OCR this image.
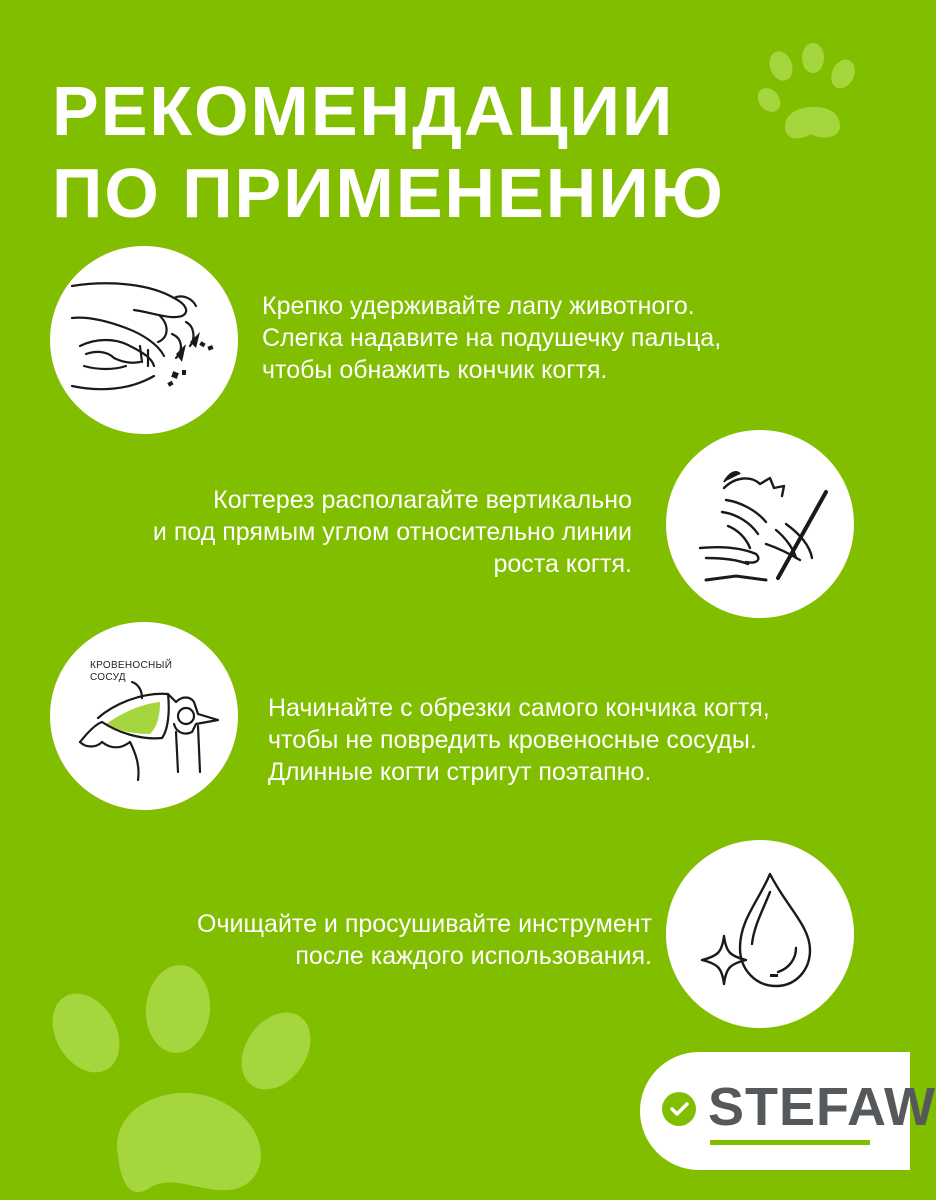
РЕКОМЕНДАЦИИ
ПО ПРИМЕНЕНИЮ

Крепко удерживайте лапу животного.
Слегка надавите на подушечку пальца,
чтобы обнажить кончик когтя.

Когтерез располагайте вертикально
и под прямым углом относительно линии
роста когтя.

КРОВЕНОСНЫЙ
СОСУД

Начинайте с обрезки самого кончика когтя,
чтобы не повредить кровеносные сосуды.
Длинные когти стригут поэтапно.

Очищайте и просушивайте инструмент
после каждого использования.

STEFAW
